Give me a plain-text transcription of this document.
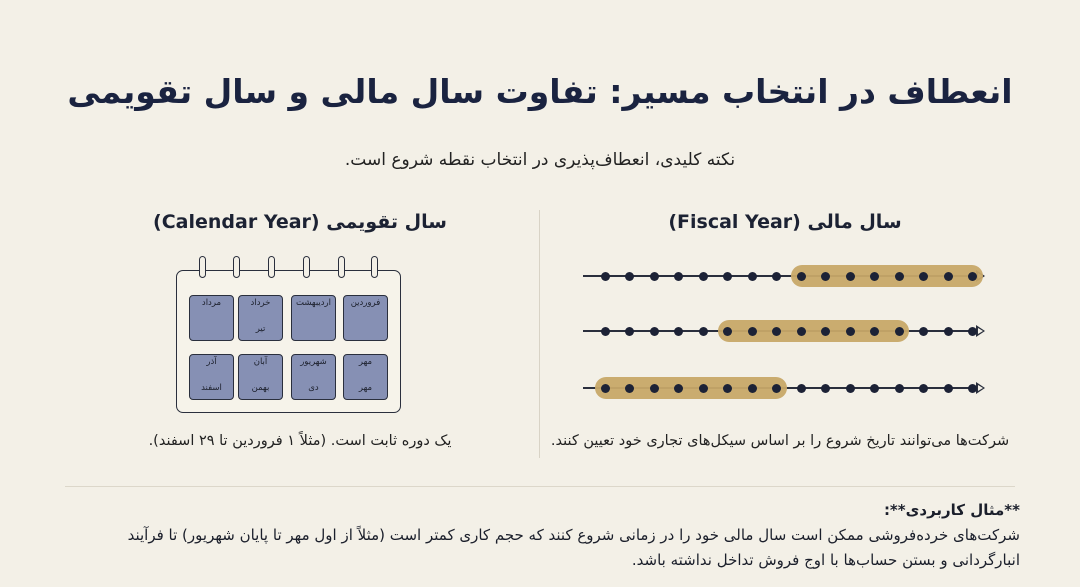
انعطاف در انتخاب مسیر: تفاوت سال مالی و سال تقویمی
نکته کلیدی، انعطاف‌پذیری در انتخاب نقطه شروع است.
سال تقویمی (Calendar Year)
مرداد	خرداد
تیر
اردیبهشت	فروردین
آذر
اسفند
آبان
بهمن
شهریور
دی
مهر
مهر
یک دوره ثابت است. (مثلاً ۱ فروردین تا ۲۹ اسفند).
سال مالی (Fiscal Year)
شرکت‌ها می‌توانند تاریخ شروع را بر اساس سیکل‌های تجاری خود تعیین کنند.
**مثال کاربردی**:
شرکت‌های خرده‌فروشی ممکن است سال مالی خود را در زمانی شروع کنند که حجم کاری کمتر است (مثلاً از اول مهر تا پایان شهریور) تا فرآیند
انبارگردانی و بستن حساب‌ها با اوج فروش تداخل نداشته باشد.
